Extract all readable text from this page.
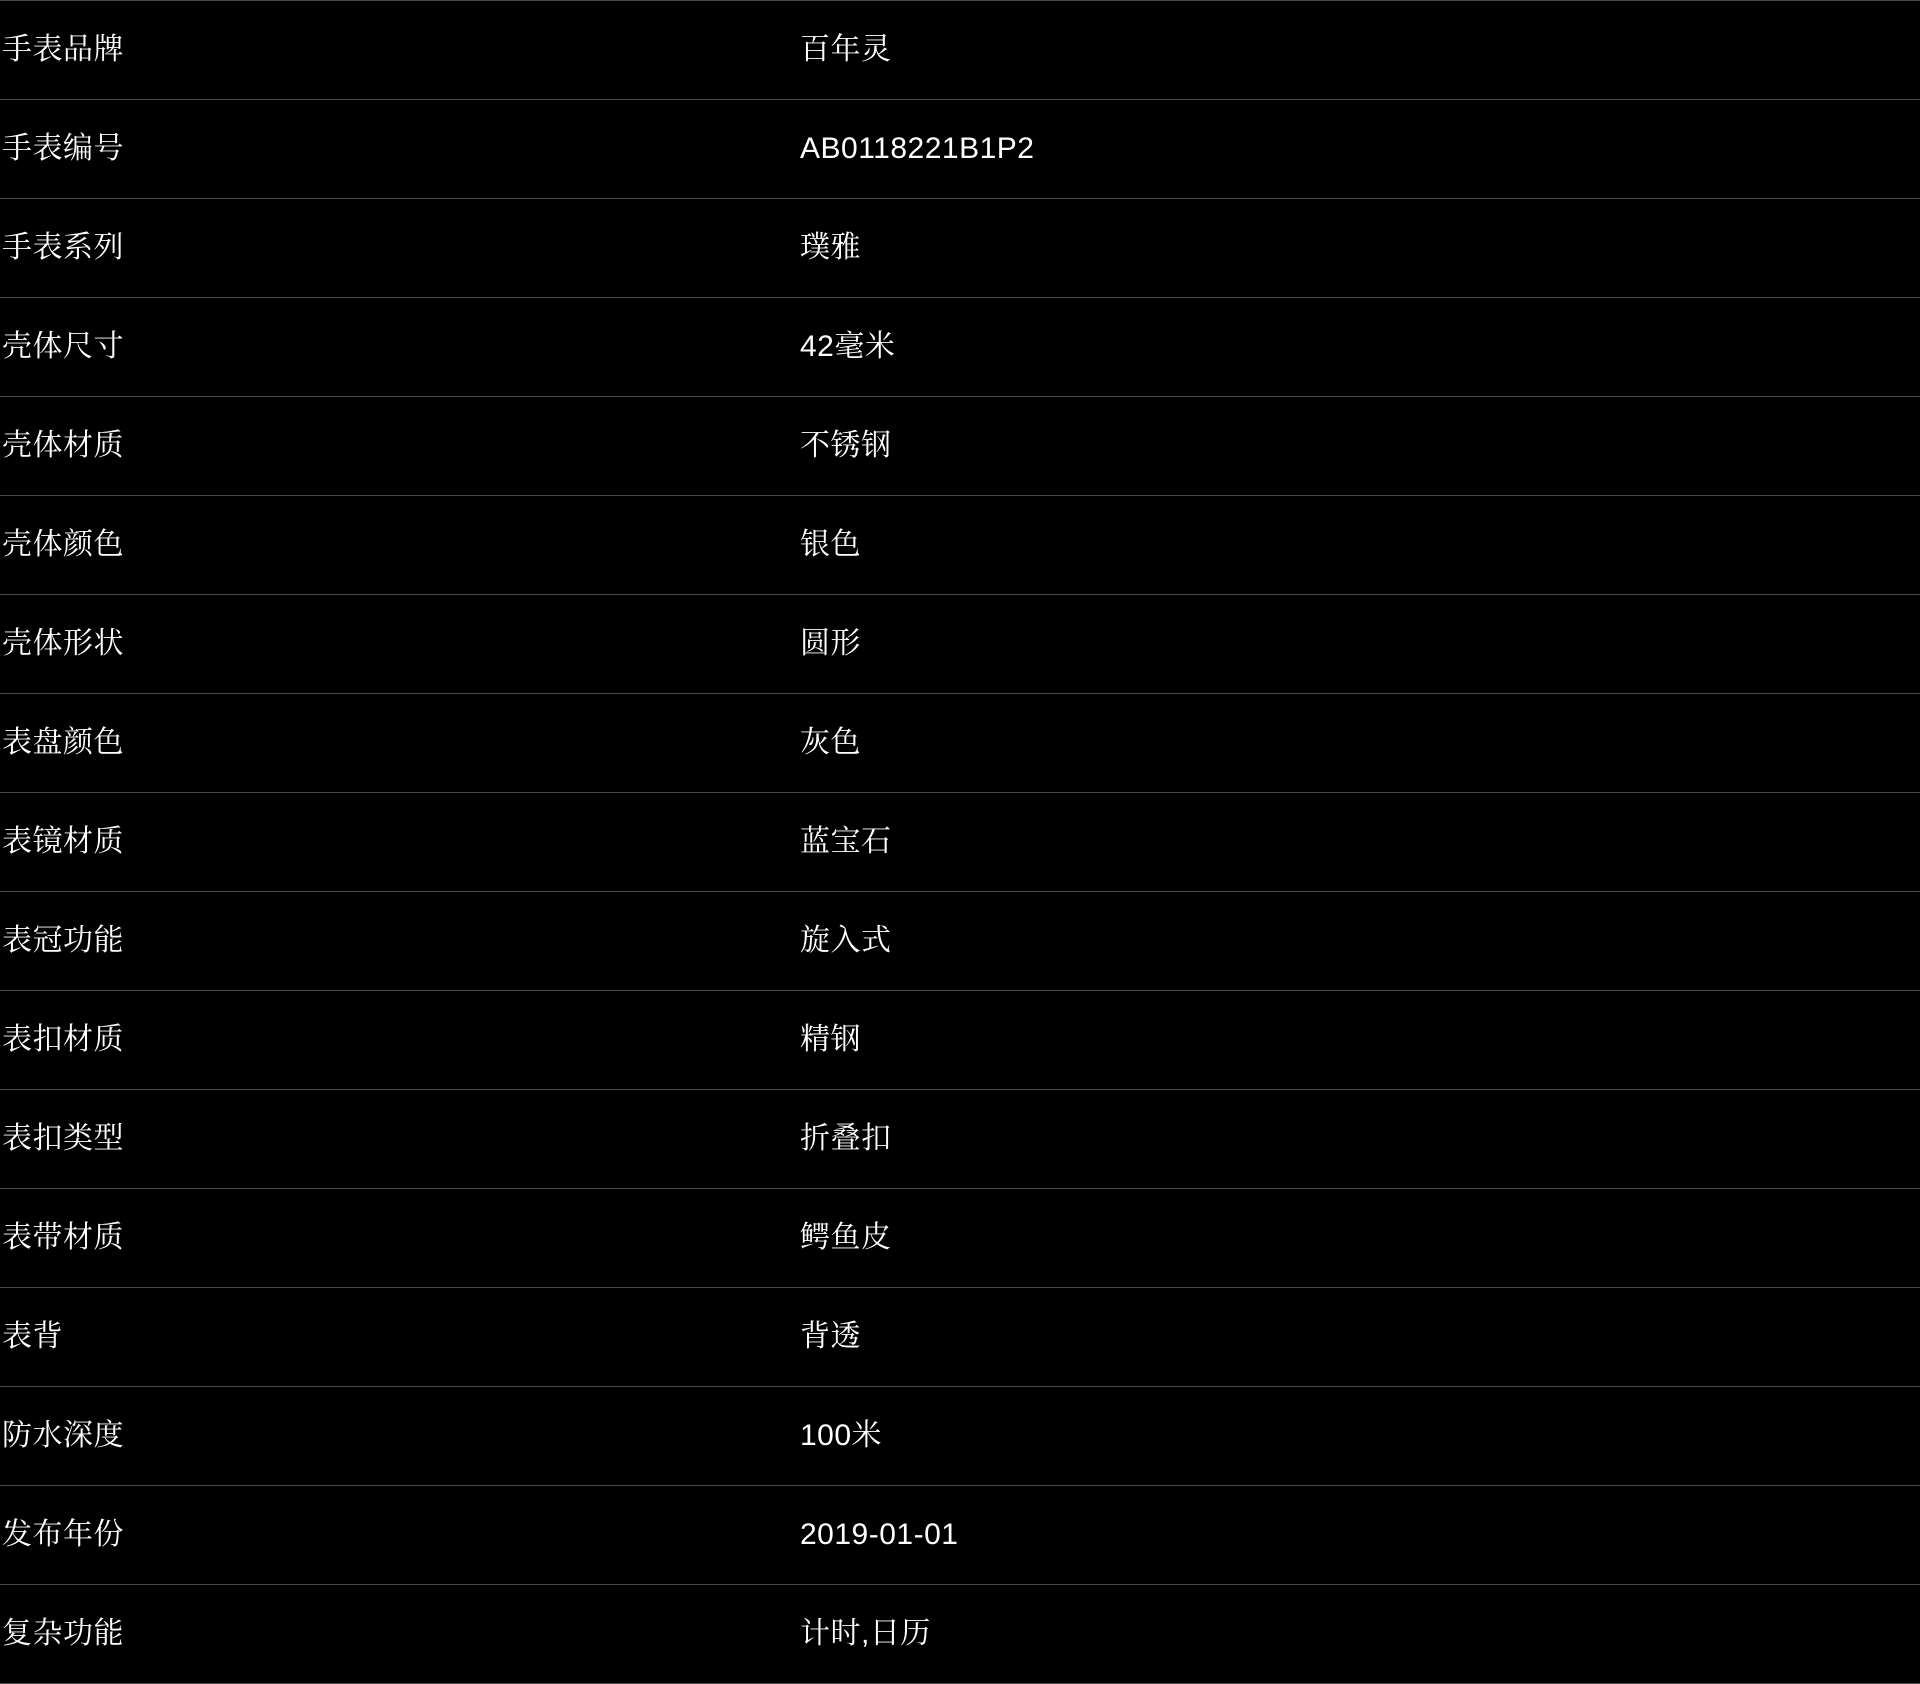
手表品牌	百年灵
手表编号	AB0118221B1P2
手表系列	璞雅
壳体尺寸	42毫米
壳体材质	不锈钢
壳体颜色	银色
壳体形状	圆形
表盘颜色	灰色
表镜材质	蓝宝石
表冠功能	旋入式
表扣材质	精钢
表扣类型	折叠扣
表带材质	鳄鱼皮
表背	背透
防水深度	100米
发布年份	2019-01-01
复杂功能	计时,日历
